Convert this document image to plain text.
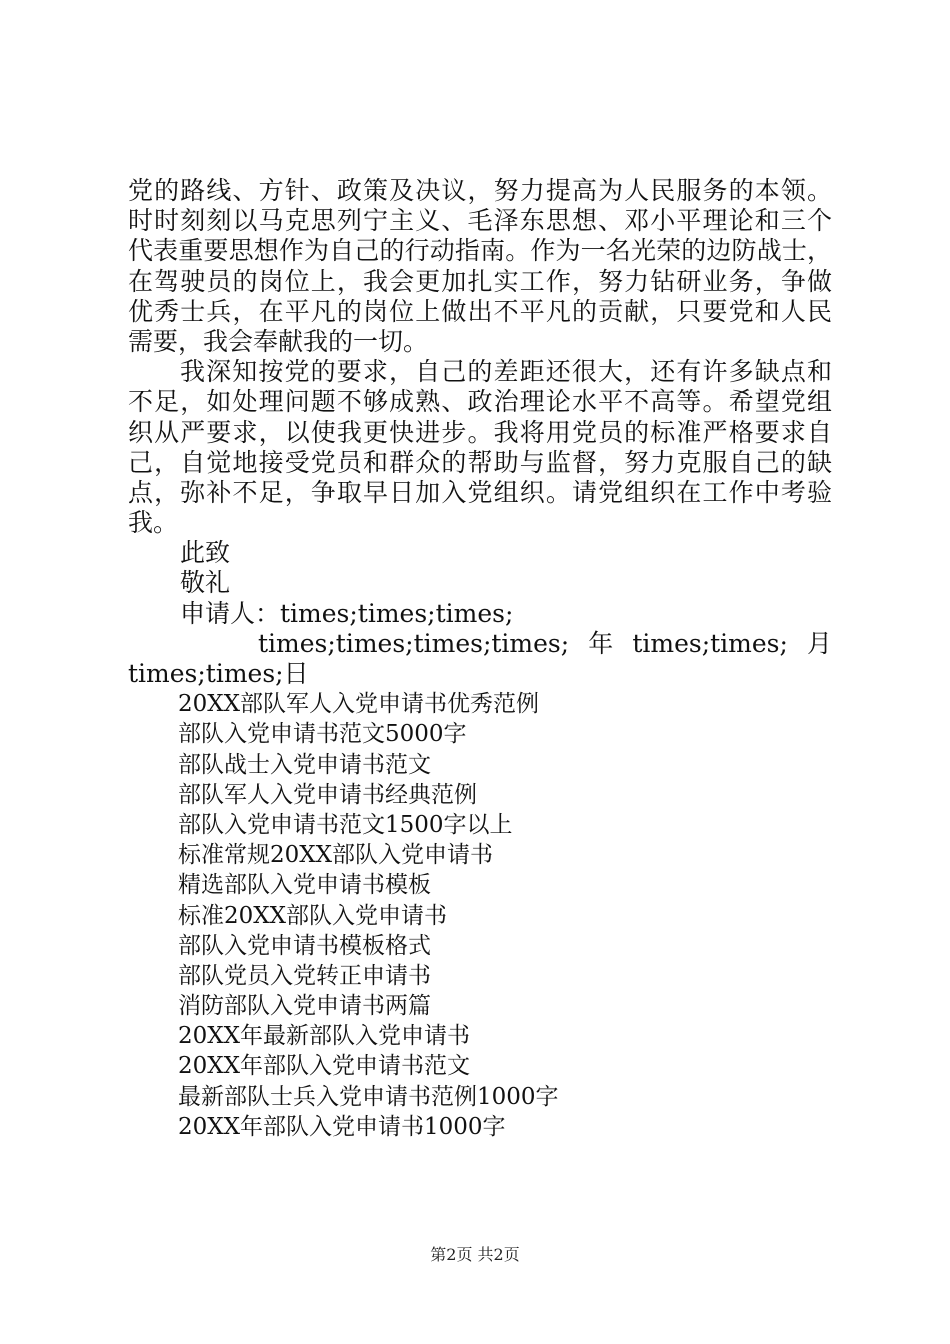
党的路线、方针、政策及决议，努力提高为人民服务的本领。
时时刻刻以马克思列宁主义、毛泽东思想、邓小平理论和三个
代表重要思想作为自己的行动指南。作为一名光荣的边防战士，
在驾驶员的岗位上，我会更加扎实工作，努力钻研业务，争做
优秀士兵，在平凡的岗位上做出不平凡的贡献，只要党和人民
需要，我会奉献我的一切。
我深知按党的要求，自己的差距还很大，还有许多缺点和
不足，如处理问题不够成熟、政治理论水平不高等。希望党组
织从严要求，以使我更快进步。我将用党员的标准严格要求自
己，自觉地接受党员和群众的帮助与监督，努力克服自己的缺
点，弥补不足，争取早日加入党组织。请党组织在工作中考验
我。
此致
敬礼
申请人：times;times;times;
times;times;times;times; 年 times;times; 月
times;times;日
20XX部队军人入党申请书优秀范例
部队入党申请书范文5000字
部队战士入党申请书范文
部队军人入党申请书经典范例
部队入党申请书范文1500字以上
标准常规20XX部队入党申请书
精选部队入党申请书模板
标准20XX部队入党申请书
部队入党申请书模板格式
部队党员入党转正申请书
消防部队入党申请书两篇
20XX年最新部队入党申请书
20XX年部队入党申请书范文
最新部队士兵入党申请书范例1000字
20XX年部队入党申请书1000字
第2页 共2页
